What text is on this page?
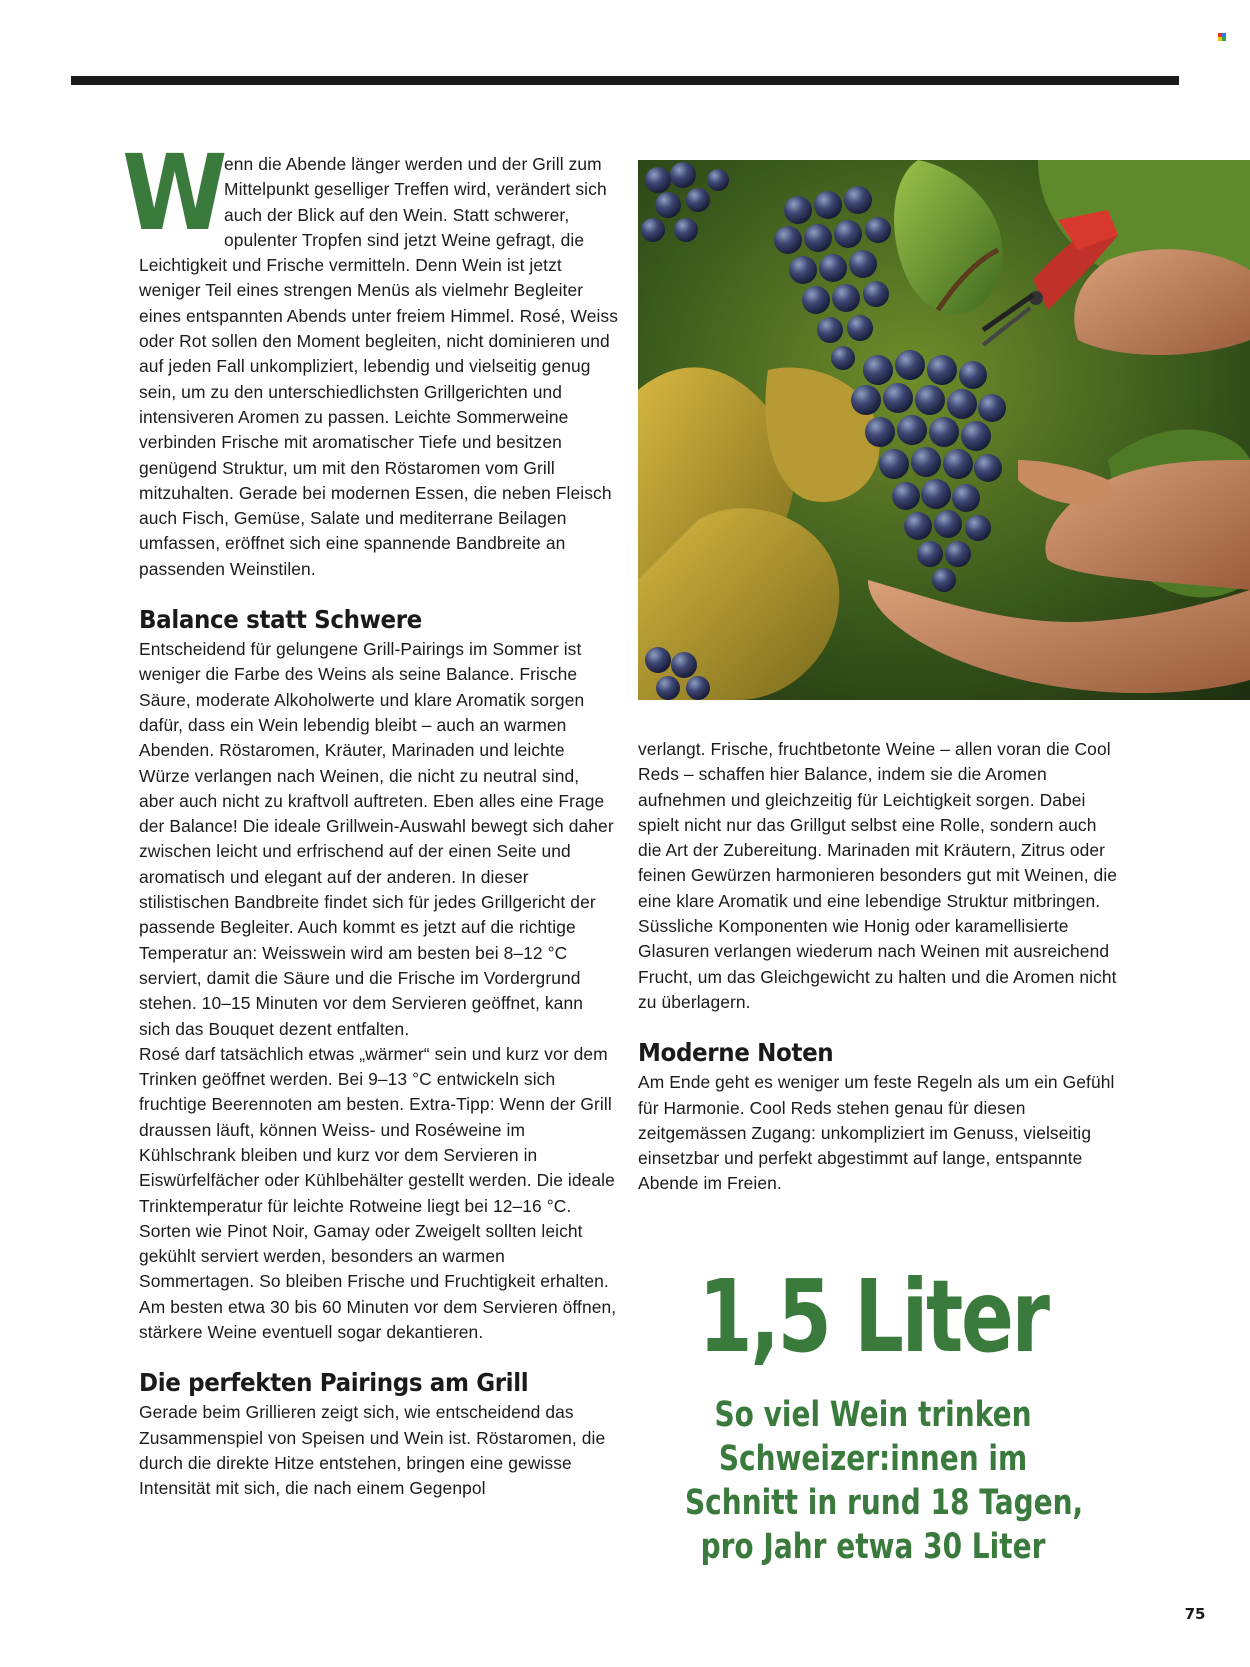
W
enn die Abende länger werden und der Grill zum Mittelpunkt geselliger Treffen wird, verändert sich auch der Blick auf den Wein. Statt schwerer, opulenter Tropfen sind jetzt Weine gefragt, die Leichtigkeit und Frische vermitteln. Denn Wein ist jetzt weniger Teil eines strengen Menüs als vielmehr Begleiter eines entspannten Abends unter freiem Himmel. Rosé, Weiss oder Rot sollen den Moment begleiten, nicht dominieren und auf jeden Fall unkompliziert, lebendig und vielseitig genug sein, um zu den unterschiedlichsten Grillgerichten und intensiveren Aromen zu passen. Leichte Sommerweine verbinden Frische mit aromatischer Tiefe und besitzen genügend Struktur, um mit den Röstaromen vom Grill mitzuhalten. Gerade bei modernen Essen, die neben Fleisch auch Fisch, Gemüse, Salate und mediterrane Beilagen umfassen, eröffnet sich eine spannende Bandbreite an passenden Weinstilen.

Balance statt Schwere

Entscheidend für gelungene Grill-Pairings im Sommer ist weniger die Farbe des Weins als seine Balance. Frische Säure, moderate Alkoholwerte und klare Aromatik sorgen dafür, dass ein Wein lebendig bleibt – auch an warmen Abenden. Röstaromen, Kräuter, Marinaden und leichte Würze verlangen nach Weinen, die nicht zu neutral sind, aber auch nicht zu kraftvoll auftreten. Eben alles eine Frage der Balance! Die ideale Grillwein-Auswahl bewegt sich daher zwischen leicht und erfrischend auf der einen Seite und aromatisch und elegant auf der anderen. In dieser stilistischen Bandbreite findet sich für jedes Grillgericht der passende Begleiter. Auch kommt es jetzt auf die richtige Temperatur an: Weisswein wird am besten bei 8–12 °C serviert, damit die Säure und die Frische im Vordergrund stehen. 10–15 Minuten vor dem Servieren geöffnet, kann sich das Bouquet dezent entfalten.

Rosé darf tatsächlich etwas „wärmer“ sein und kurz vor dem Trinken geöffnet werden. Bei 9–13 °C entwickeln sich fruchtige Beerennoten am besten. Extra-Tipp: Wenn der Grill draussen läuft, können Weiss- und Roséweine im Kühlschrank bleiben und kurz vor dem Servieren in Eiswürfelfächer oder Kühlbehälter gestellt werden. Die ideale Trinktemperatur für leichte Rotweine liegt bei 12–16 °C. Sorten wie Pinot Noir, Gamay oder Zweigelt sollten leicht gekühlt serviert werden, besonders an warmen Sommertagen. So bleiben Frische und Fruchtigkeit erhalten. Am besten etwa 30 bis 60 Minuten vor dem Servieren öffnen, stärkere Weine eventuell sogar dekantieren.

Die perfekten Pairings am Grill

Gerade beim Grillieren zeigt sich, wie entscheidend das Zusammenspiel von Speisen und Wein ist. Röstaromen, die durch die direkte Hitze entstehen, bringen eine gewisse Intensität mit sich, die nach einem Gegenpol

verlangt. Frische, fruchtbetonte Weine – allen voran die Cool Reds – schaffen hier Balance, indem sie die Aromen aufnehmen und gleichzeitig für Leichtigkeit sorgen. Dabei spielt nicht nur das Grillgut selbst eine Rolle, sondern auch die Art der Zubereitung. Marinaden mit Kräutern, Zitrus oder feinen Gewürzen harmonieren besonders gut mit Weinen, die eine klare Aromatik und eine lebendige Struktur mitbringen. Süssliche Komponenten wie Honig oder karamellisierte Glasuren verlangen wiederum nach Weinen mit ausreichend Frucht, um das Gleichgewicht zu halten und die Aromen nicht zu überlagern.

Moderne Noten

Am Ende geht es weniger um feste Regeln als um ein Gefühl für Harmonie. Cool Reds stehen genau für diesen zeitgemässen Zugang: unkompliziert im Genuss, vielseitig einsetzbar und perfekt abgestimmt auf lange, entspannte Abende im Freien.

1,5 Liter
So viel Wein trinken
Schweizer:innen im
Schnitt in rund 18 Tagen,
pro Jahr etwa 30 Liter
75
